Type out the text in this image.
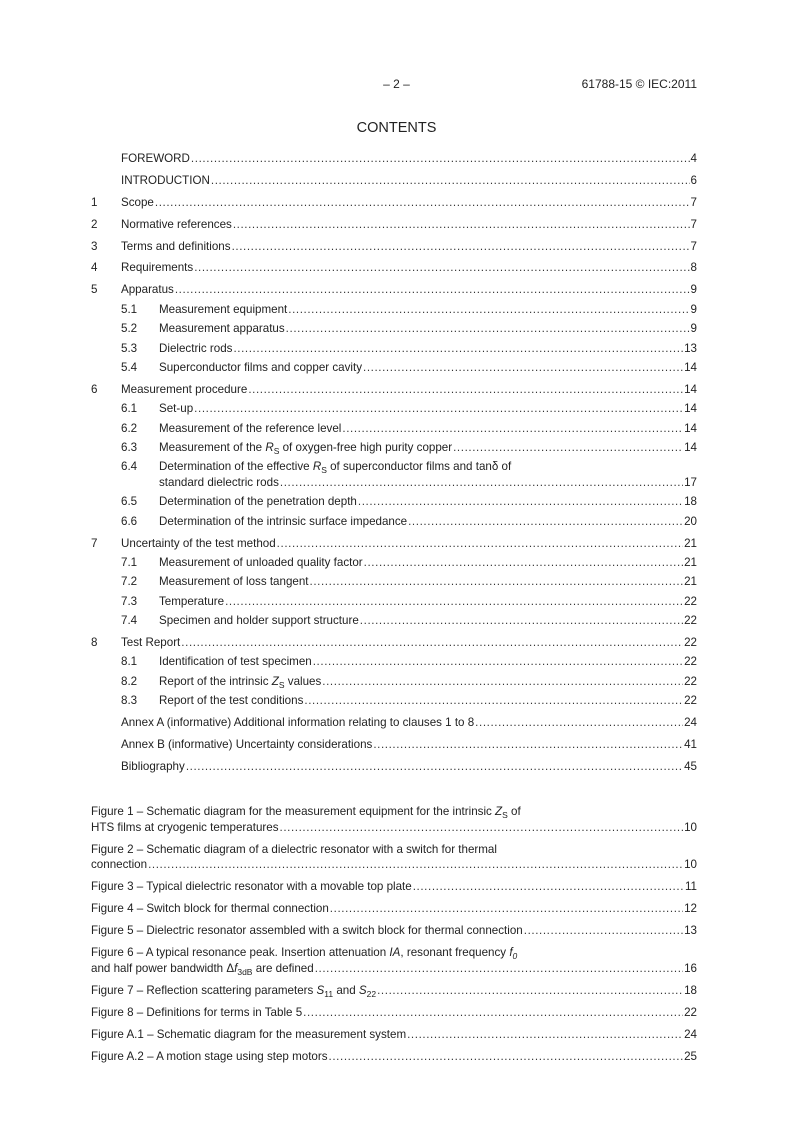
– 2 –	61788-15 © IEC:2011
CONTENTS
FOREWORD .....	4
INTRODUCTION .....	6
1	Scope .....	7
2	Normative references .....	7
3	Terms and definitions .....	7
4	Requirements .....	8
5	Apparatus .....	9
5.1	Measurement equipment .....	9
5.2	Measurement apparatus .....	9
5.3	Dielectric rods .....	13
5.4	Superconductor films and copper cavity .....	14
6	Measurement procedure .....	14
6.1	Set-up .....	14
6.2	Measurement of the reference level .....	14
6.3	Measurement of the $R_S$ of oxygen-free high purity copper .....	14
6.4	Determination of the effective $R_S$ of superconductor films and tanδ of
standard dielectric rods .....	17
6.5	Determination of the penetration depth .....	18
6.6	Determination of the intrinsic surface impedance .....	20
7	Uncertainty of the test method .....	21
7.1	Measurement of unloaded quality factor .....	21
7.2	Measurement of loss tangent .....	21
7.3	Temperature .....	22
7.4	Specimen and holder support structure .....	22
8	Test Report .....	22
8.1	Identification of test specimen .....	22
8.2	Report of the intrinsic $Z_S$ values .....	22
8.3	Report of the test conditions .....	22
Annex A (informative) Additional information relating to clauses 1 to 8 .....	24
Annex B (informative) Uncertainty considerations .....	41
Bibliography .....	45
Figure 1 – Schematic diagram for the measurement equipment for the intrinsic $Z_S$ of
HTS films at cryogenic temperatures .....	10
Figure 2 – Schematic diagram of a dielectric resonator with a switch for thermal
connection .....	10
Figure 3 – Typical dielectric resonator with a movable top plate .....	11
Figure 4 – Switch block for thermal connection .....	12
Figure 5 – Dielectric resonator assembled with a switch block for thermal connection .....	13
Figure 6 – A typical resonance peak. Insertion attenuation IA, resonant frequency $f_0$
and half power bandwidth $\Delta f_{3dB}$ are defined .....	16
Figure 7 – Reflection scattering parameters $S_{11}$ and $S_{22}$ .....	18
Figure 8 – Definitions for terms in Table 5 .....	22
Figure A.1 – Schematic diagram for the measurement system .....	24
Figure A.2 – A motion stage using step motors .....	25
